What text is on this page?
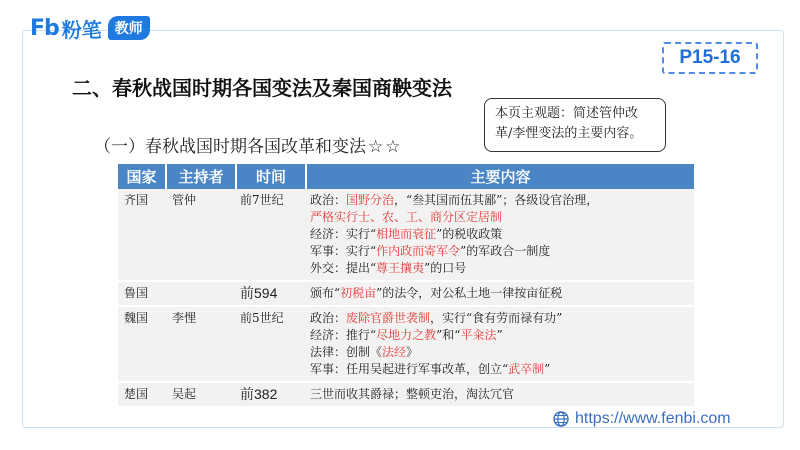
Fb 粉笔 教师
P15-16
二、春秋战国时期各国变法及秦国商鞅变法
本页主观题：简述管仲改革/李悝变法的主要内容。
（一）春秋战国时期各国改革和变法 ☆☆
国家	主持者	时间	主要内容
齐国	管仲	前7世纪	政治：国野分治，“叁其国而伍其鄙”；各级设官治理，
严格实行士、农、工、商分区定居制
经济：实行“相地而衰征”的税收政策
军事：实行“作内政而寄军令”的军政合一制度
外交：提出“尊王攘夷”的口号

鲁国		前594	颁布“初税亩”的法令，对公私土地一律按亩征税

魏国	李悝	前5世纪	政治：废除官爵世袭制，实行“食有劳而禄有功”
经济：推行“尽地力之教”和“平籴法”
法律：创制《法经》
军事：任用吴起进行军事改革，创立“武卒制”

楚国	吴起	前382	三世而收其爵禄；整顿吏治，淘汰冗官
https://www.fenbi.com
